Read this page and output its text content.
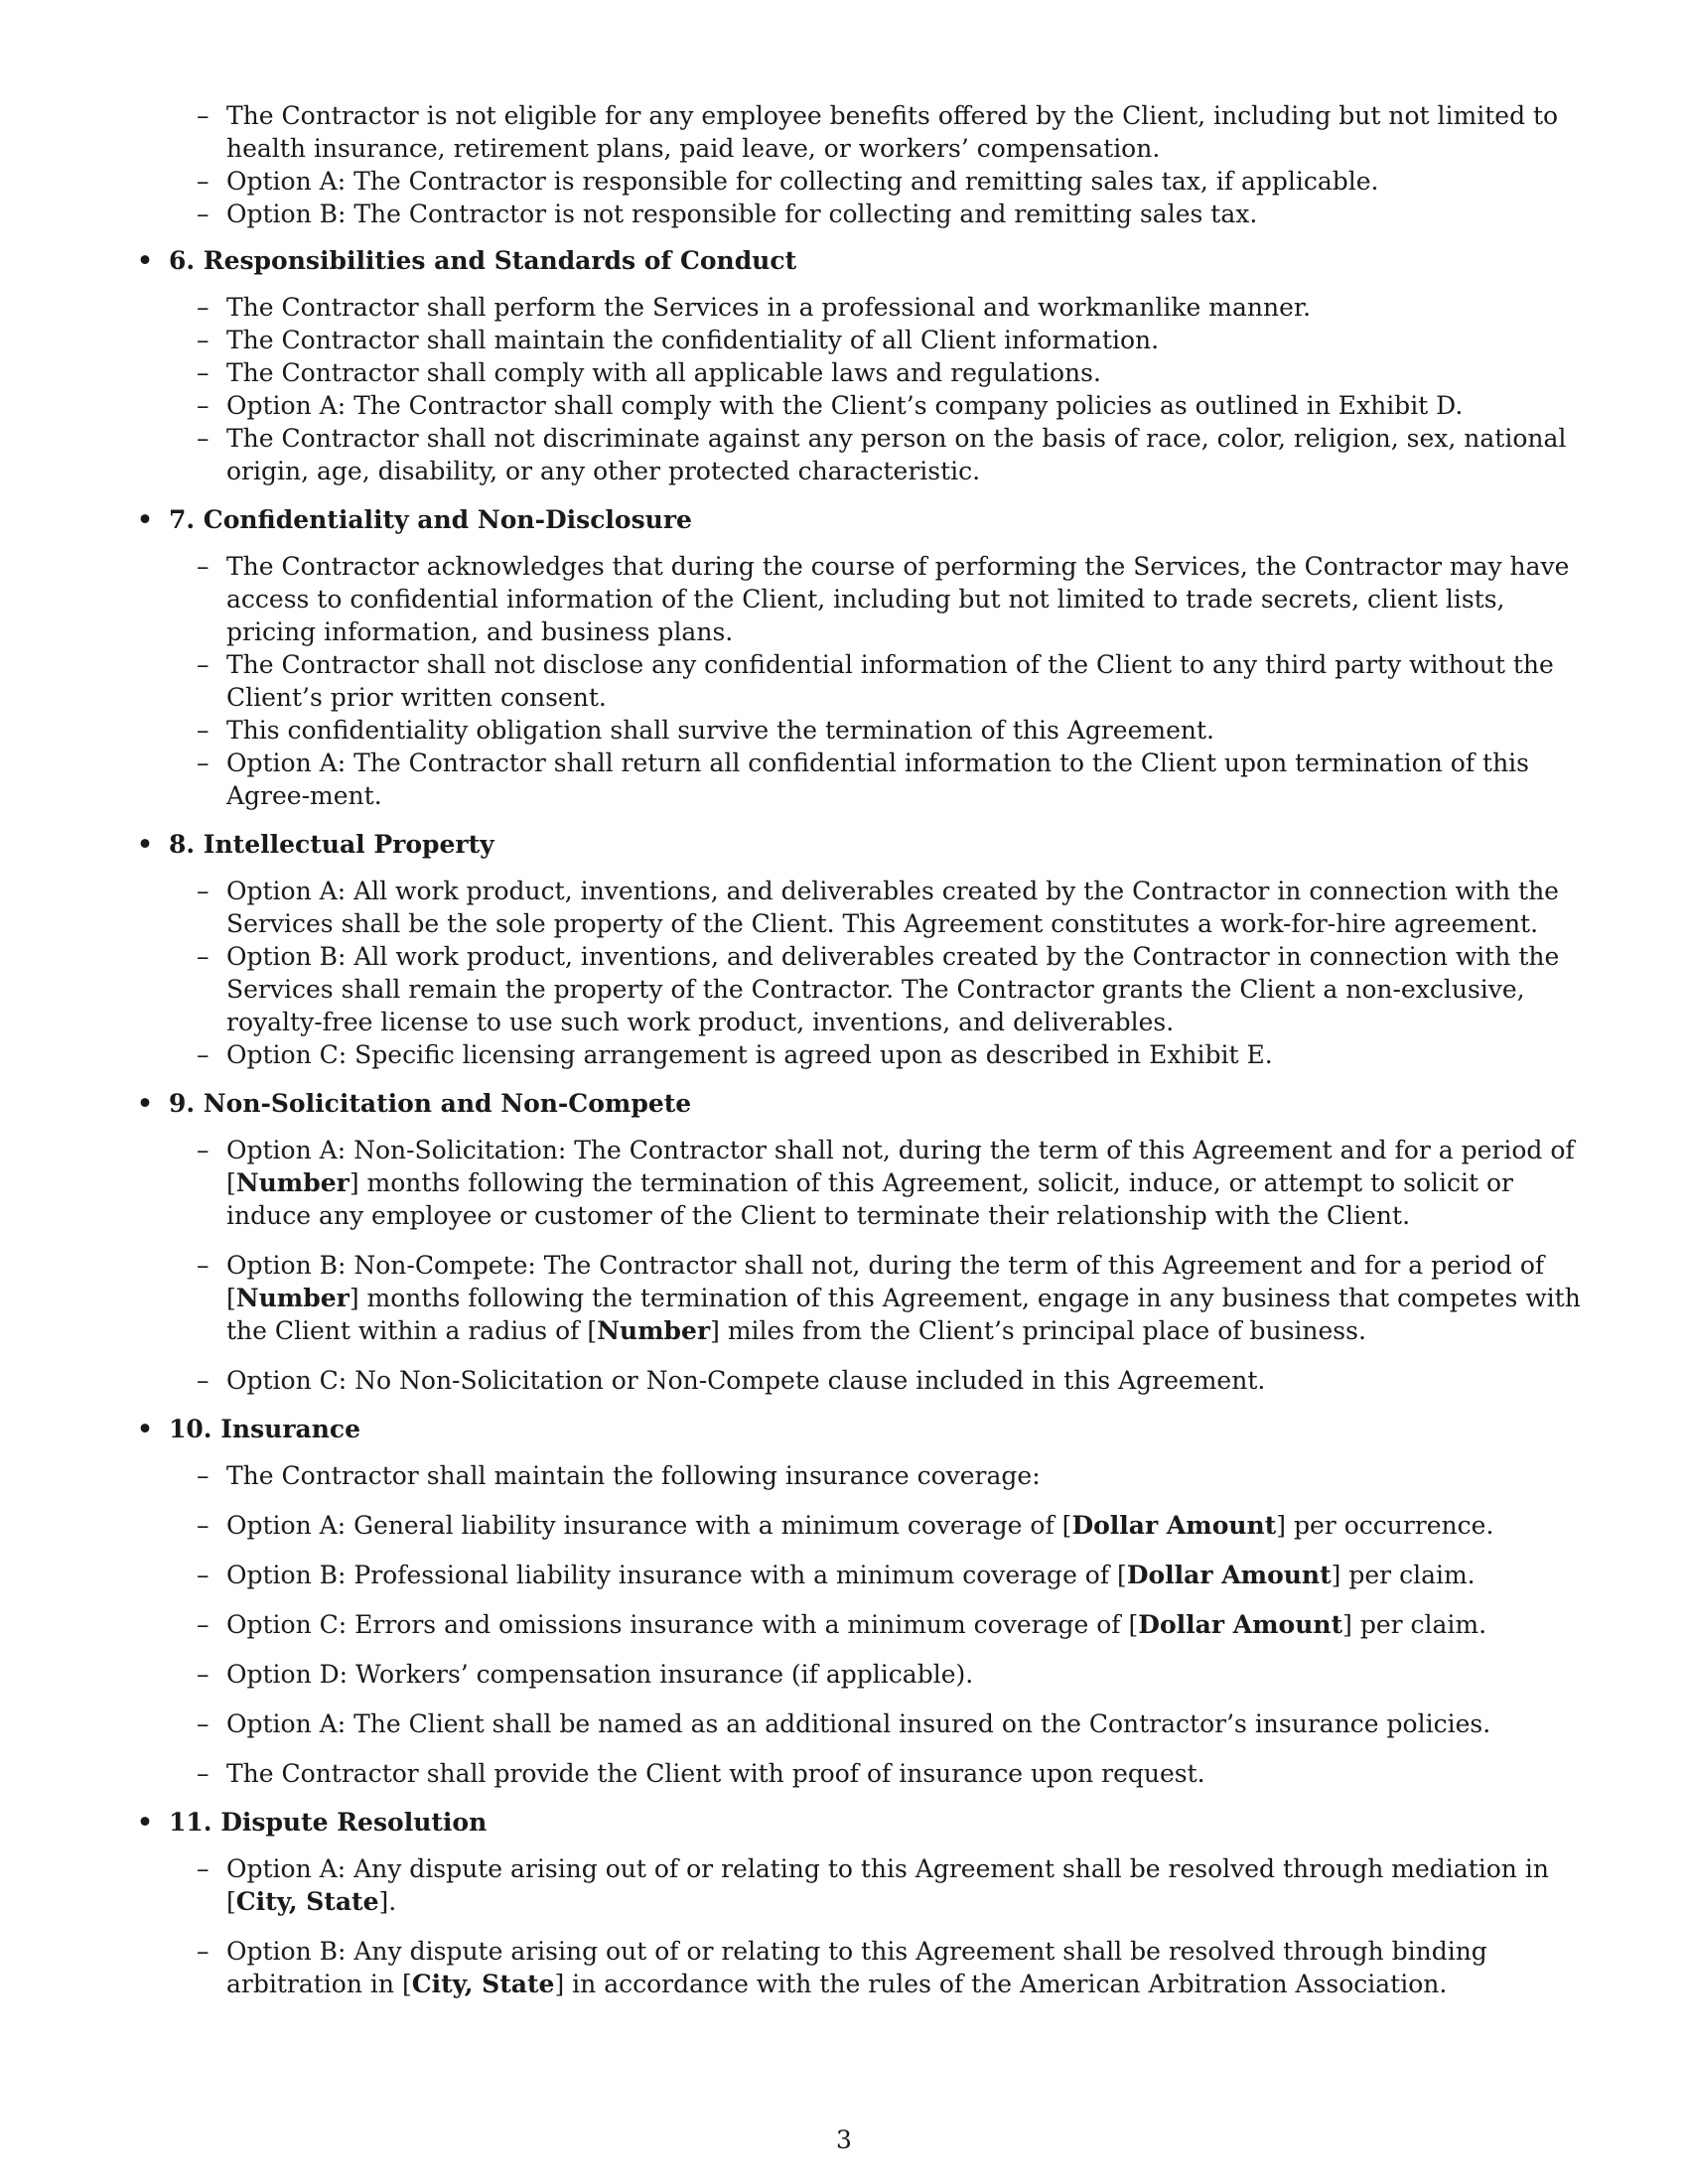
– The Contractor is not eligible for any employee benefits offered by the Client, including but not limited to health insurance, retirement plans, paid leave, or workers’ compensation.
– Option A: The Contractor is responsible for collecting and remitting sales tax, if applicable.
– Option B: The Contractor is not responsible for collecting and remitting sales tax.
• 6. Responsibilities and Standards of Conduct
– The Contractor shall perform the Services in a professional and workmanlike manner.
– The Contractor shall maintain the confidentiality of all Client information.
– The Contractor shall comply with all applicable laws and regulations.
– Option A: The Contractor shall comply with the Client’s company policies as outlined in Exhibit D.
– The Contractor shall not discriminate against any person on the basis of race, color, religion, sex, national origin, age, disability, or any other protected characteristic.
• 7. Confidentiality and Non-Disclosure
– The Contractor acknowledges that during the course of performing the Services, the Contractor may have access to confidential information of the Client, including but not limited to trade secrets, client lists, pricing information, and business plans.
– The Contractor shall not disclose any confidential information of the Client to any third party without the Client’s prior written consent.
– This confidentiality obligation shall survive the termination of this Agreement.
– Option A: The Contractor shall return all confidential information to the Client upon termination of this Agree-ment.
• 8. Intellectual Property
– Option A: All work product, inventions, and deliverables created by the Contractor in connection with the Services shall be the sole property of the Client. This Agreement constitutes a work-for-hire agreement.
– Option B: All work product, inventions, and deliverables created by the Contractor in connection with the Services shall remain the property of the Contractor. The Contractor grants the Client a non-exclusive, royalty-free license to use such work product, inventions, and deliverables.
– Option C: Specific licensing arrangement is agreed upon as described in Exhibit E.
• 9. Non-Solicitation and Non-Compete
– Option A: Non-Solicitation: The Contractor shall not, during the term of this Agreement and for a period of [Number] months following the termination of this Agreement, solicit, induce, or attempt to solicit or induce any employee or customer of the Client to terminate their relationship with the Client.
– Option B: Non-Compete: The Contractor shall not, during the term of this Agreement and for a period of [Number] months following the termination of this Agreement, engage in any business that competes with the Client within a radius of [Number] miles from the Client’s principal place of business.
– Option C: No Non-Solicitation or Non-Compete clause included in this Agreement.
• 10. Insurance
– The Contractor shall maintain the following insurance coverage:
– Option A: General liability insurance with a minimum coverage of [Dollar Amount] per occurrence.
– Option B: Professional liability insurance with a minimum coverage of [Dollar Amount] per claim.
– Option C: Errors and omissions insurance with a minimum coverage of [Dollar Amount] per claim.
– Option D: Workers’ compensation insurance (if applicable).
– Option A: The Client shall be named as an additional insured on the Contractor’s insurance policies.
– The Contractor shall provide the Client with proof of insurance upon request.
• 11. Dispute Resolution
– Option A: Any dispute arising out of or relating to this Agreement shall be resolved through mediation in [City, State].
– Option B: Any dispute arising out of or relating to this Agreement shall be resolved through binding arbitration in [City, State] in accordance with the rules of the American Arbitration Association.
3
